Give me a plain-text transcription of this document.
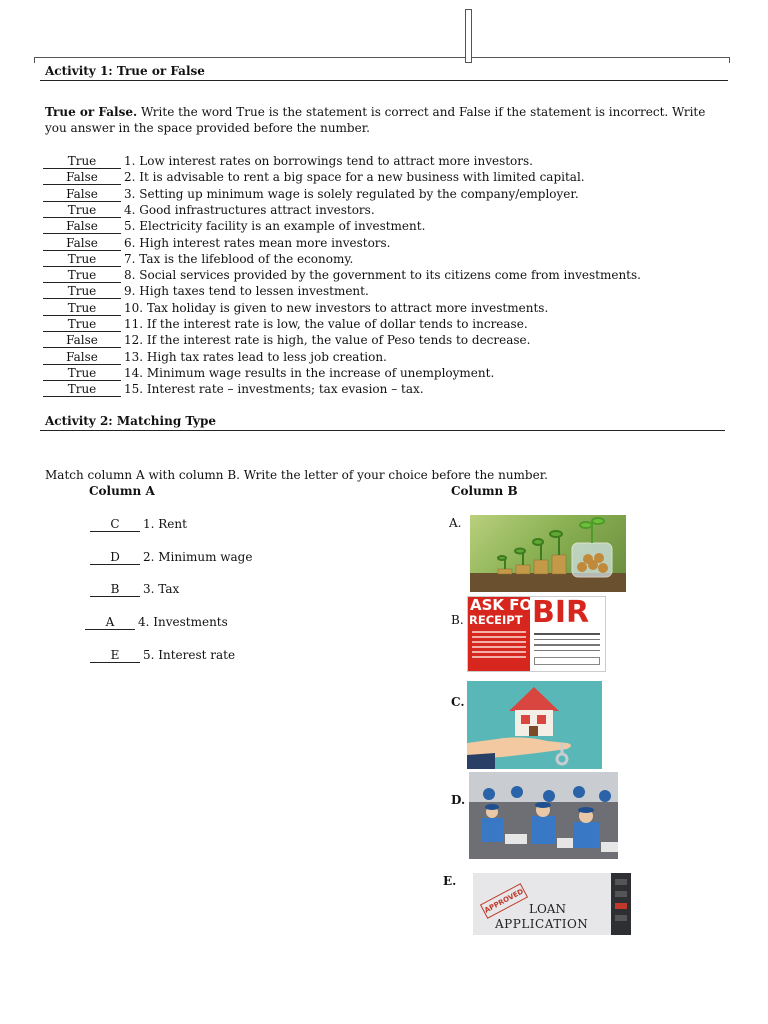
Activity 1: True or False
True or False. Write the word True is the statement is correct and False if the statement is incorrect. Write
you answer in the space provided before the number.
True 1. Low interest rates on borrowings tend to attract more investors.
False 2. It is advisable to rent a big space for a new business with limited capital.
False 3. Setting up minimum wage is solely regulated by the company/employer.
True 4. Good infrastructures attract investors.
False 5. Electricity facility is an example of investment.
False 6. High interest rates mean more investors.
True 7. Tax is the lifeblood of the economy.
True 8. Social services provided by the government to its citizens come from investments.
True 9. High taxes tend to lessen investment.
True 10. Tax holiday is given to new investors to attract more investments.
True 11. If the interest rate is low, the value of dollar tends to increase.
False 12. If the interest rate is high, the value of Peso tends to decrease.
False 13. High tax rates lead to less job creation.
True 14. Minimum wage results in the increase of unemployment.
True 15. Interest rate – investments; tax evasion – tax.
Activity 2: Matching Type
Match column A with column B. Write the letter of your choice before the number.
Column A	Column B
C 1. Rent
D 2. Minimum wage
B 3. Tax
A 4. Investments
E 5. Interest rate
A.
B.
C.
D.
E.
ASK FOR
RECEIPT BIR
APPROVED LOAN
APPLICATION
